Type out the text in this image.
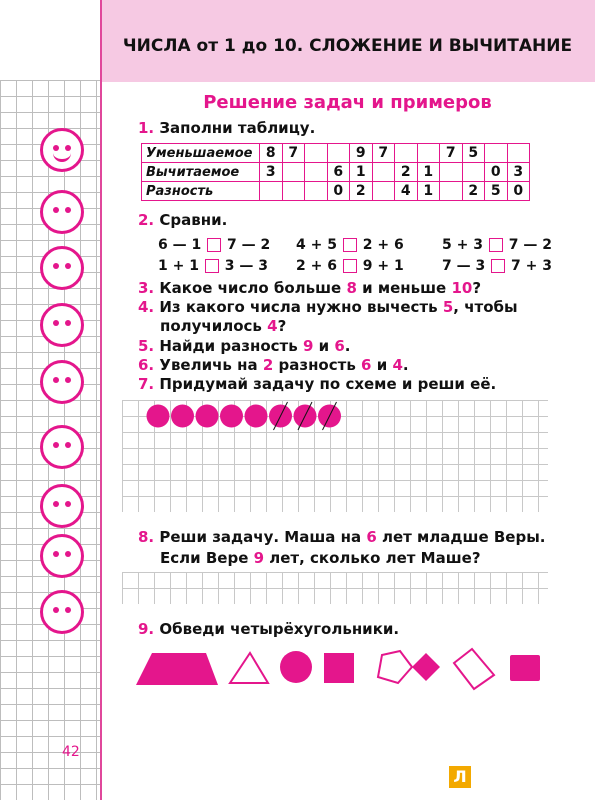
ЧИСЛА от 1 до 10. СЛОЖЕНИЕ И ВЫЧИТАНИЕ
Решение задач и примеров
1. Заполни таблицу.
Уменьшаемое	8	7			9	7			7	5		
Вычитаемое	3			6	1		2	1			0	3
Разность				0	2		4	1		2	5	0
2. Сравни.
6 — 1 7 — 2 4 + 5 2 + 6	5 + 3 7 — 2
1 + 1 3 — 3 2 + 6 9 + 1	7 — 3 7 + 3
3. Какое число больше 8 и меньше 10?
4. Из какого числа нужно вычесть 5, чтобы
получилось 4?
5. Найди разность 9 и 6.
6. Увеличь на 2 разность 6 и 4.
7. Придумай задачу по схеме и реши её.
8. Реши задачу. Маша на 6 лет младше Веры.
Если Вере 9 лет, сколько лет Маше?
9. Обведи четырёхугольники.
42
Л
